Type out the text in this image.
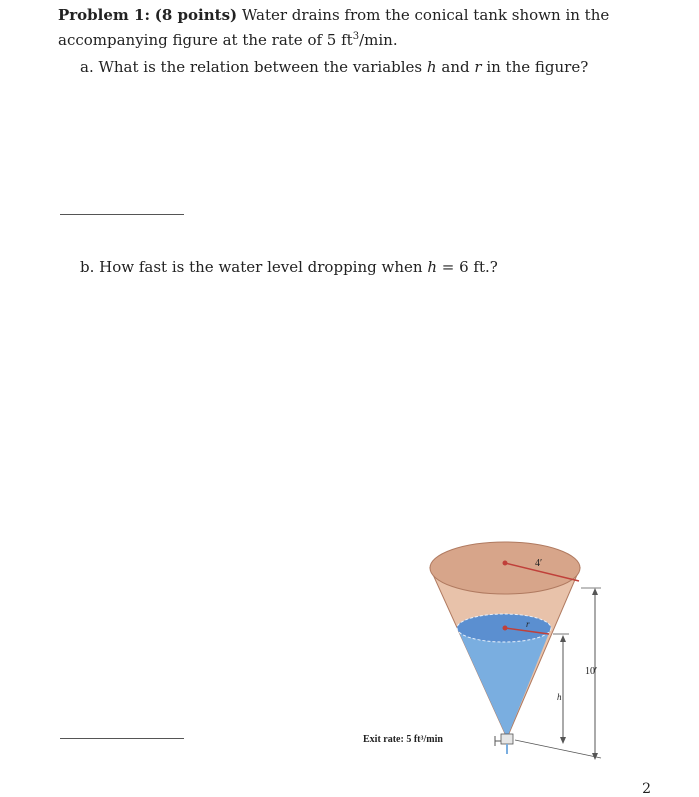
Problem 1: (8 points) Water drains from the conical tank shown in the accompanying figure at the rate of 5 $ft^3/\min$.
a. What is the relation between the variables h and r in the figure?
b. How fast is the water level dropping when h = 6 ft.?
4′
r
10′
h
Exit rate: 5 ft³/min
2
